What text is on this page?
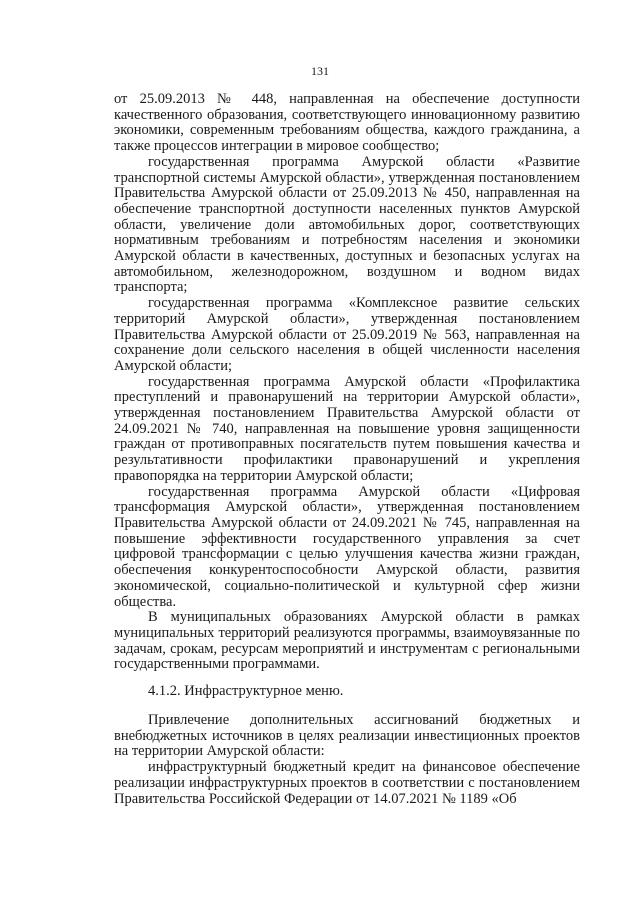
131

от 25.09.2013 № 448, направленная на обеспечение доступности качественного образования, соответствующего инновационному развитию экономики, современным требованиям общества, каждого гражданина, а также процессов интеграции в мировое сообщество;

государственная программа Амурской области «Развитие транспортной системы Амурской области», утвержденная постановлением Правительства Амурской области от 25.09.2013 № 450, направленная на обеспечение транспортной доступности населенных пунктов Амурской области, увеличение доли автомобильных дорог, соответствующих нормативным требованиям и потребностям населения и экономики Амурской области в качественных, доступных и безопасных услугах на автомобильном, железнодорожном, воздушном и водном видах транспорта;

государственная программа «Комплексное развитие сельских территорий Амурской области», утвержденная постановлением Правительства Амурской области от 25.09.2019 № 563, направленная на сохранение доли сельского населения в общей численности населения Амурской области;

государственная программа Амурской области «Профилактика преступлений и правонарушений на территории Амурской области», утвержденная постановлением Правительства Амурской области от 24.09.2021 № 740, направленная на повышение уровня защищенности граждан от противоправных посягательств путем повышения качества и результативности профилактики правонарушений и укрепления правопорядка на территории Амурской области;

государственная программа Амурской области «Цифровая трансформация Амурской области», утвержденная постановлением Правительства Амурской области от 24.09.2021 № 745, направленная на повышение эффективности государственного управления за счет цифровой трансформации с целью улучшения качества жизни граждан, обеспечения конкурентоспособности Амурской области, развития экономической, социально-политической и культурной сфер жизни общества.

В муниципальных образованиях Амурской области в рамках муниципальных территорий реализуются программы, взаимоувязанные по задачам, срокам, ресурсам мероприятий и инструментам с региональными государственными программами.

4.1.2. Инфраструктурное меню.

Привлечение дополнительных ассигнований бюджетных и внебюджетных источников в целях реализации инвестиционных проектов на территории Амурской области:

инфраструктурный бюджетный кредит на финансовое обеспечение реализации инфраструктурных проектов в соответствии с постановлением Правительства Российской Федерации от 14.07.2021 № 1189 «Об
